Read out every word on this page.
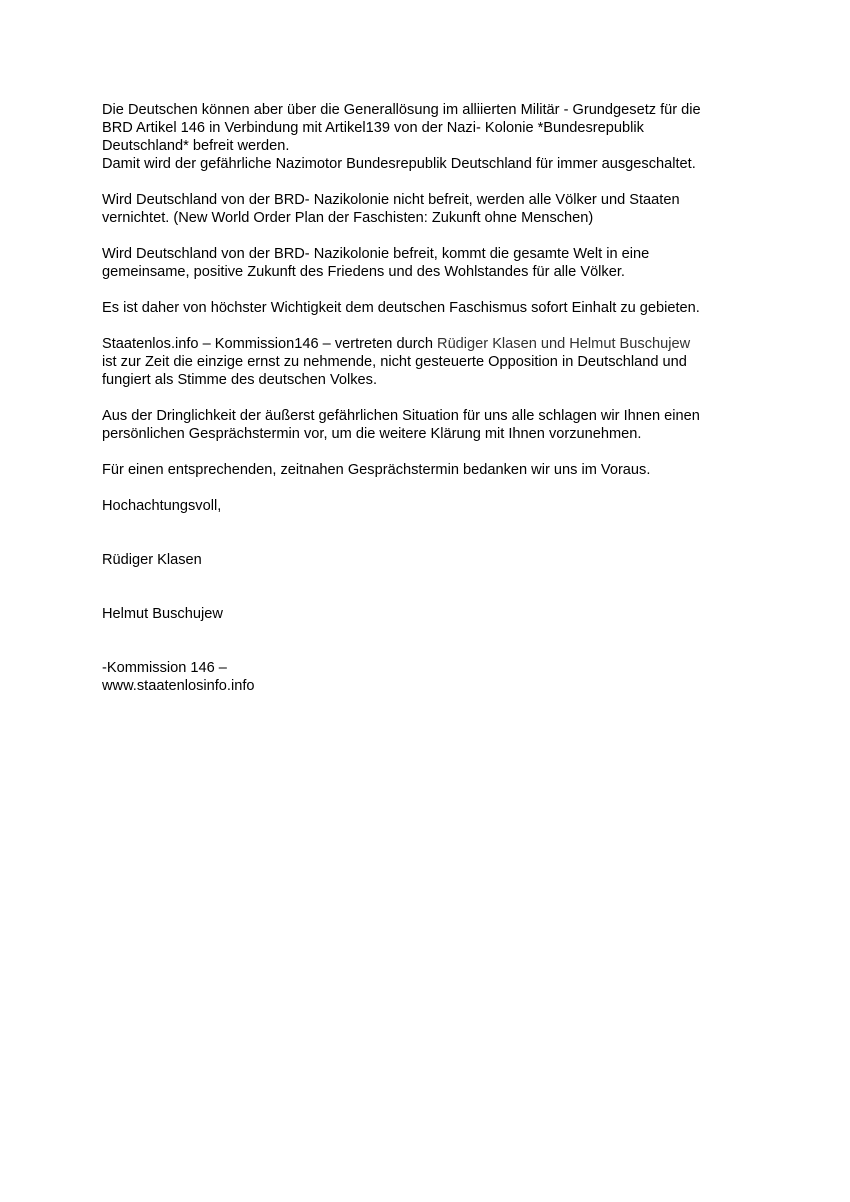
Die Deutschen können aber über die Generallösung im alliierten Militär - Grundgesetz für die
BRD Artikel 146 in Verbindung mit Artikel139 von der Nazi- Kolonie *Bundesrepublik
Deutschland* befreit werden.
Damit wird der gefährliche Nazimotor Bundesrepublik Deutschland für immer ausgeschaltet.
Wird Deutschland von der BRD- Nazikolonie nicht befreit, werden alle Völker und Staaten
vernichtet. (New World Order Plan der Faschisten: Zukunft ohne Menschen)
Wird Deutschland von der BRD- Nazikolonie befreit, kommt die gesamte Welt in eine
gemeinsame, positive Zukunft des Friedens und des Wohlstandes für alle Völker.
Es ist daher von höchster Wichtigkeit dem deutschen Faschismus sofort Einhalt zu gebieten.
Staatenlos.info – Kommission146 – vertreten durch Rüdiger Klasen und Helmut Buschujew
ist zur Zeit die einzige ernst zu nehmende, nicht gesteuerte Opposition in Deutschland und
fungiert als Stimme des deutschen Volkes.
Aus der Dringlichkeit der äußerst gefährlichen Situation für uns alle schlagen wir Ihnen einen
persönlichen Gesprächstermin vor, um die weitere Klärung mit Ihnen vorzunehmen.
Für einen entsprechenden, zeitnahen Gesprächstermin bedanken wir uns im Voraus.
Hochachtungsvoll,
Rüdiger Klasen
Helmut Buschujew
-Kommission 146 –
www.staatenlosinfo.info
